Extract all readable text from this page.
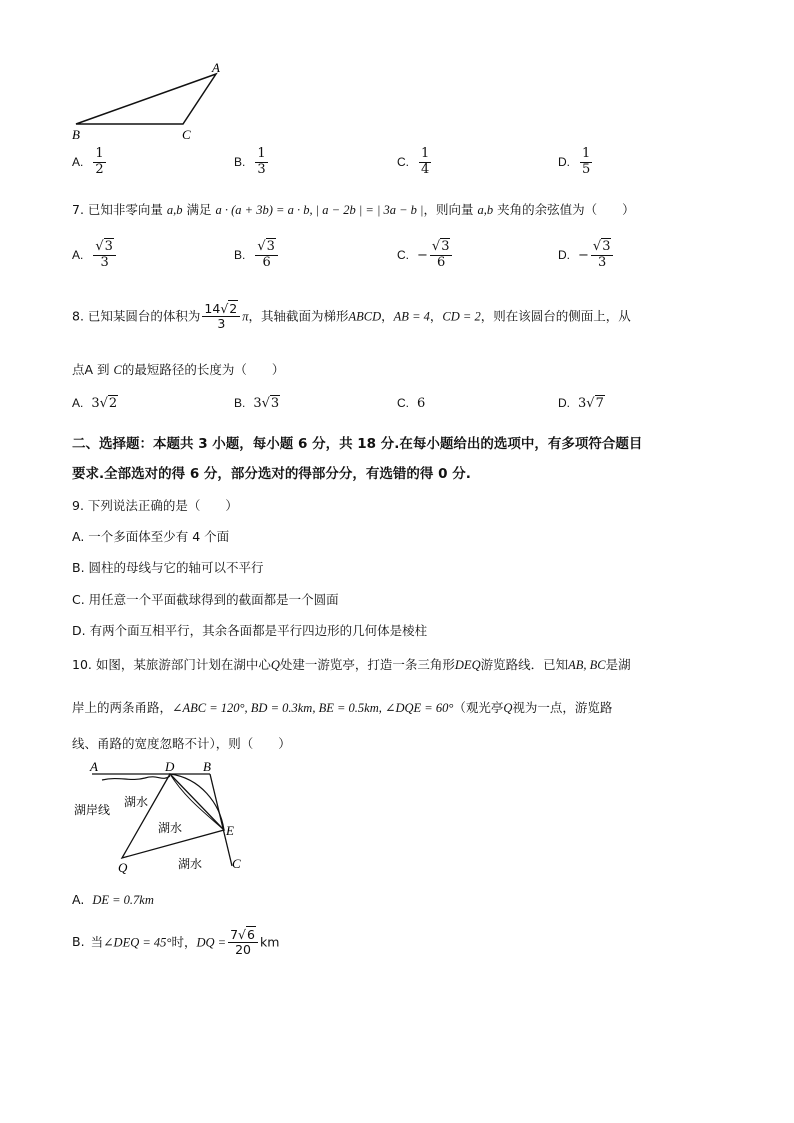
A
B	C
A. $\frac{1}{2}$	B. $\frac{1}{3}$	C. $\frac{1}{4}$	D. $\frac{1}{5}$
7. 已知非零向量 a,b 满足 a · (a + 3b) = a · b, | a − 2b | = | 3a − b |，则向量 a,b 夹角的余弦值为（　　）
A. $\frac{√3}{3}$	B. $\frac{√3}{6}$	C. − $\frac{√3}{6}$	D. − $\frac{√3}{3}$
8. 已知某圆台的体积为 $\frac{14√2}{3}$ π，其轴截面为梯形ABCD，AB = 4，CD = 2，则在该圆台的侧面上，从
点A 到 C的最短路径的长度为（　　）
A. 3√2	B. 3√3	C. 6	D. 3√7
二、选择题：本题共 3 小题，每小题 6 分，共 18 分.在每小题给出的选项中，有多项符合题目
要求.全部选对的得 6 分，部分选对的得部分分，有选错的得 0 分.
9. 下列说法正确的是（　　）
A. 一个多面体至少有 4 个面
B. 圆柱的母线与它的轴可以不平行
C. 用任意一个平面截球得到的截面都是一个圆面
D. 有两个面互相平行，其余各面都是平行四边形的几何体是棱柱
10. 如图，某旅游部门计划在湖中心Q处建一游览亭，打造一条三角形DEQ游览路线．已知AB, BC是湖
岸上的两条甬路，∠ABC = 120°, BD = 0.3km, BE = 0.5km, ∠DQE = 60°（观光亭Q视为一点，游览路
线、甬路的宽度忽略不计），则（　　）
A	D B
E
Q	C
湖岸线
湖水
湖水
湖水
A. DE = 0.7km
B. 当∠DEQ = 45°时，DQ = $\frac{7√6}{20}$ km
